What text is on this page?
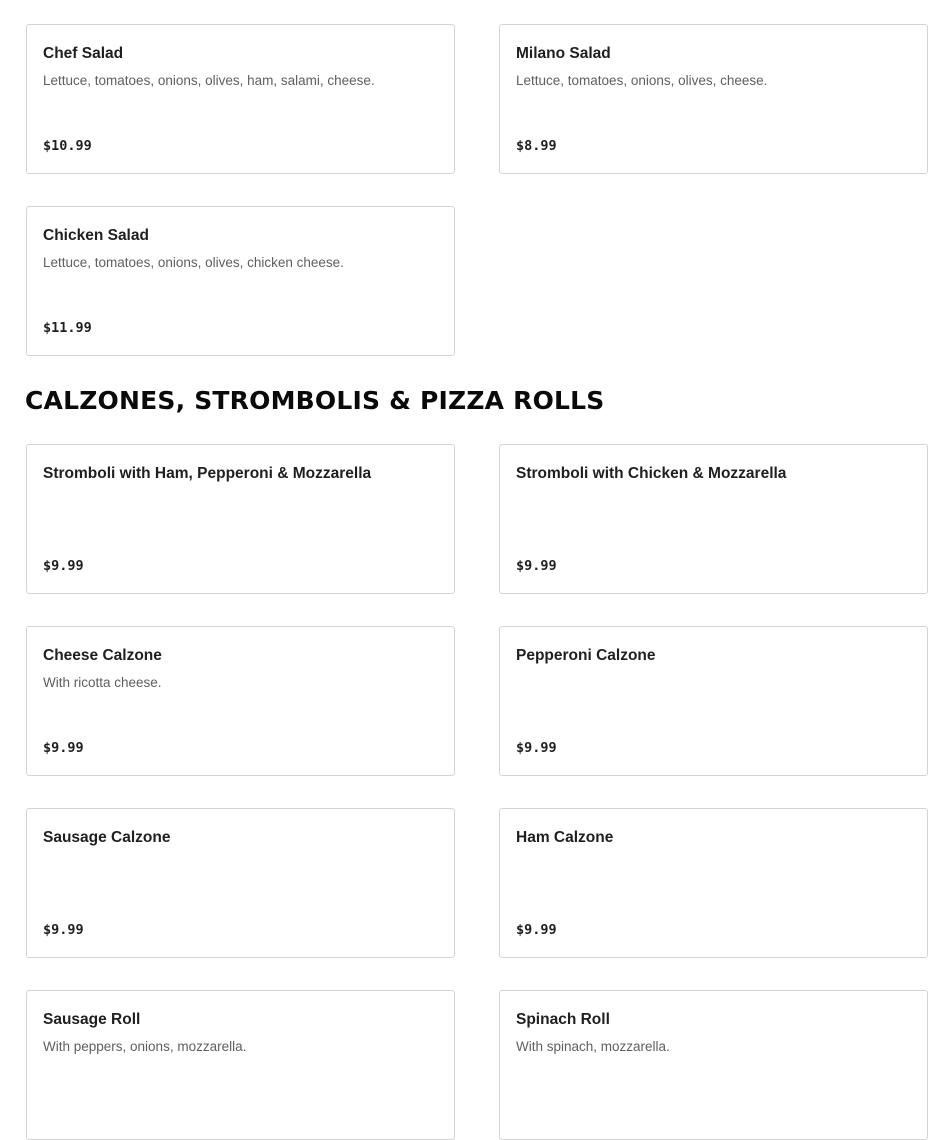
Chef Salad
Lettuce, tomatoes, onions, olives, ham, salami, cheese.
$10.99
Milano Salad
Lettuce, tomatoes, onions, olives, cheese.
$8.99
Chicken Salad
Lettuce, tomatoes, onions, olives, chicken cheese.
$11.99
CALZONES, STROMBOLIS & PIZZA ROLLS
Stromboli with Ham, Pepperoni & Mozzarella
$9.99
Stromboli with Chicken & Mozzarella
$9.99
Cheese Calzone
With ricotta cheese.
$9.99
Pepperoni Calzone
$9.99
Sausage Calzone
$9.99
Ham Calzone
$9.99
Sausage Roll
With peppers, onions, mozzarella.
Spinach Roll
With spinach, mozzarella.
